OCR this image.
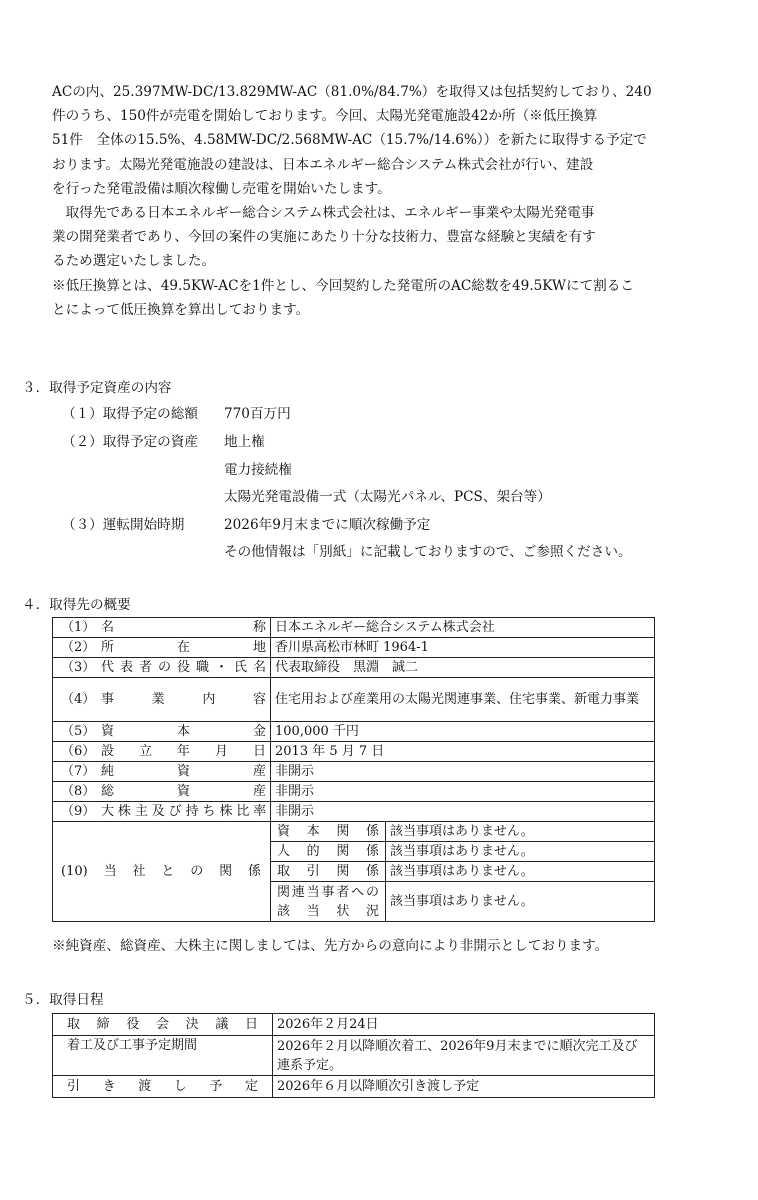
ACの内、25.397MW-DC/13.829MW-AC（81.0%/84.7%）を取得又は包括契約しており、240
件のうち、150件が売電を開始しております。今回、太陽光発電施設42か所（※低圧換算
51件　全体の15.5%、4.58MW-DC/2.568MW-AC（15.7%/14.6%））を新たに取得する予定で
おります。太陽光発電施設の建設は、日本エネルギー総合システム株式会社が行い、建設
を行った発電設備は順次稼働し売電を開始いたします。
　取得先である日本エネルギー総合システム株式会社は、エネルギー事業や太陽光発電事
業の開発業者であり、今回の案件の実施にあたり十分な技術力、豊富な経験と実績を有す
るため選定いたしました。
※低圧換算とは、49.5KW-ACを1件とし、今回契約した発電所のAC総数を49.5KWにて割るこ
とによって低圧換算を算出しております。
３．取得予定資産の内容
（１）取得予定の総額 770百万円
（２）取得予定の資産 地上権
電力接続権
太陽光発電設備一式（太陽光パネル、PCS、架台等）
（３）運転開始時期	2026年9月末までに順次稼働予定
その他情報は「別紙」に記載しておりますので、ご参照ください。
４．取得先の概要
（1） 名称	日本エネルギー総合システム株式会社	

（2） 所在地	香川県高松市林町 1964-1	

（3） 代表者の役職・氏名	代表取締役　黒淵　誠二	

（4） 事業内容	住宅用および産業用の太陽光関連事業、住宅事業、新電力事業	

（5） 資本金	100,000 千円	

（6） 設立年月日	2013 年 5 月 7 日	

（7） 純資産	非開示	

（8） 総資産	非開示	

（9） 大株主及び持ち株比率	非開示	

(10)当社との関係	資本関係	該当事項はありません。

	人的関係	該当事項はありません。

	取引関係	該当事項はありません。

	関連当事者への
該当状況	該当事項はありません。
※純資産、総資産、大株主に関しましては、先方からの意向により非開示としております。
５．取得日程
取締役会決議日	2026年２月24日

着工及び工事予定期間	2026年２月以降順次着工、2026年9月末までに順次完工及び連系予定。

引き渡し予定	2026年６月以降順次引き渡し予定
